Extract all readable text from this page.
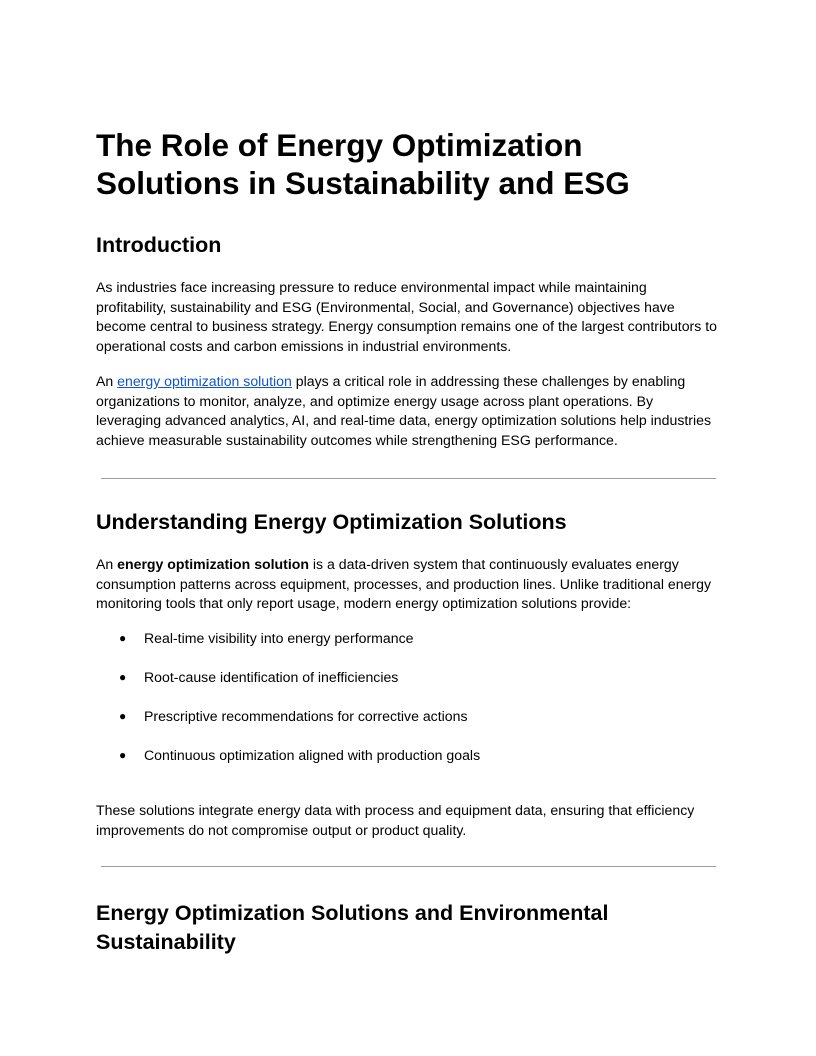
The Role of Energy Optimization Solutions in Sustainability and ESG
Introduction

As industries face increasing pressure to reduce environmental impact while maintaining profitability, sustainability and ESG (Environmental, Social, and Governance) objectives have become central to business strategy. Energy consumption remains one of the largest contributors to operational costs and carbon emissions in industrial environments.

An energy optimization solution plays a critical role in addressing these challenges by enabling organizations to monitor, analyze, and optimize energy usage across plant operations. By leveraging advanced analytics, AI, and real-time data, energy optimization solutions help industries achieve measurable sustainability outcomes while strengthening ESG performance.

Understanding Energy Optimization Solutions

An energy optimization solution is a data-driven system that continuously evaluates energy consumption patterns across equipment, processes, and production lines. Unlike traditional energy monitoring tools that only report usage, modern energy optimization solutions provide:

● Real-time visibility into energy performance
● Root-cause identification of inefficiencies
● Prescriptive recommendations for corrective actions
● Continuous optimization aligned with production goals

These solutions integrate energy data with process and equipment data, ensuring that efficiency improvements do not compromise output or product quality.

Energy Optimization Solutions and Environmental Sustainability
